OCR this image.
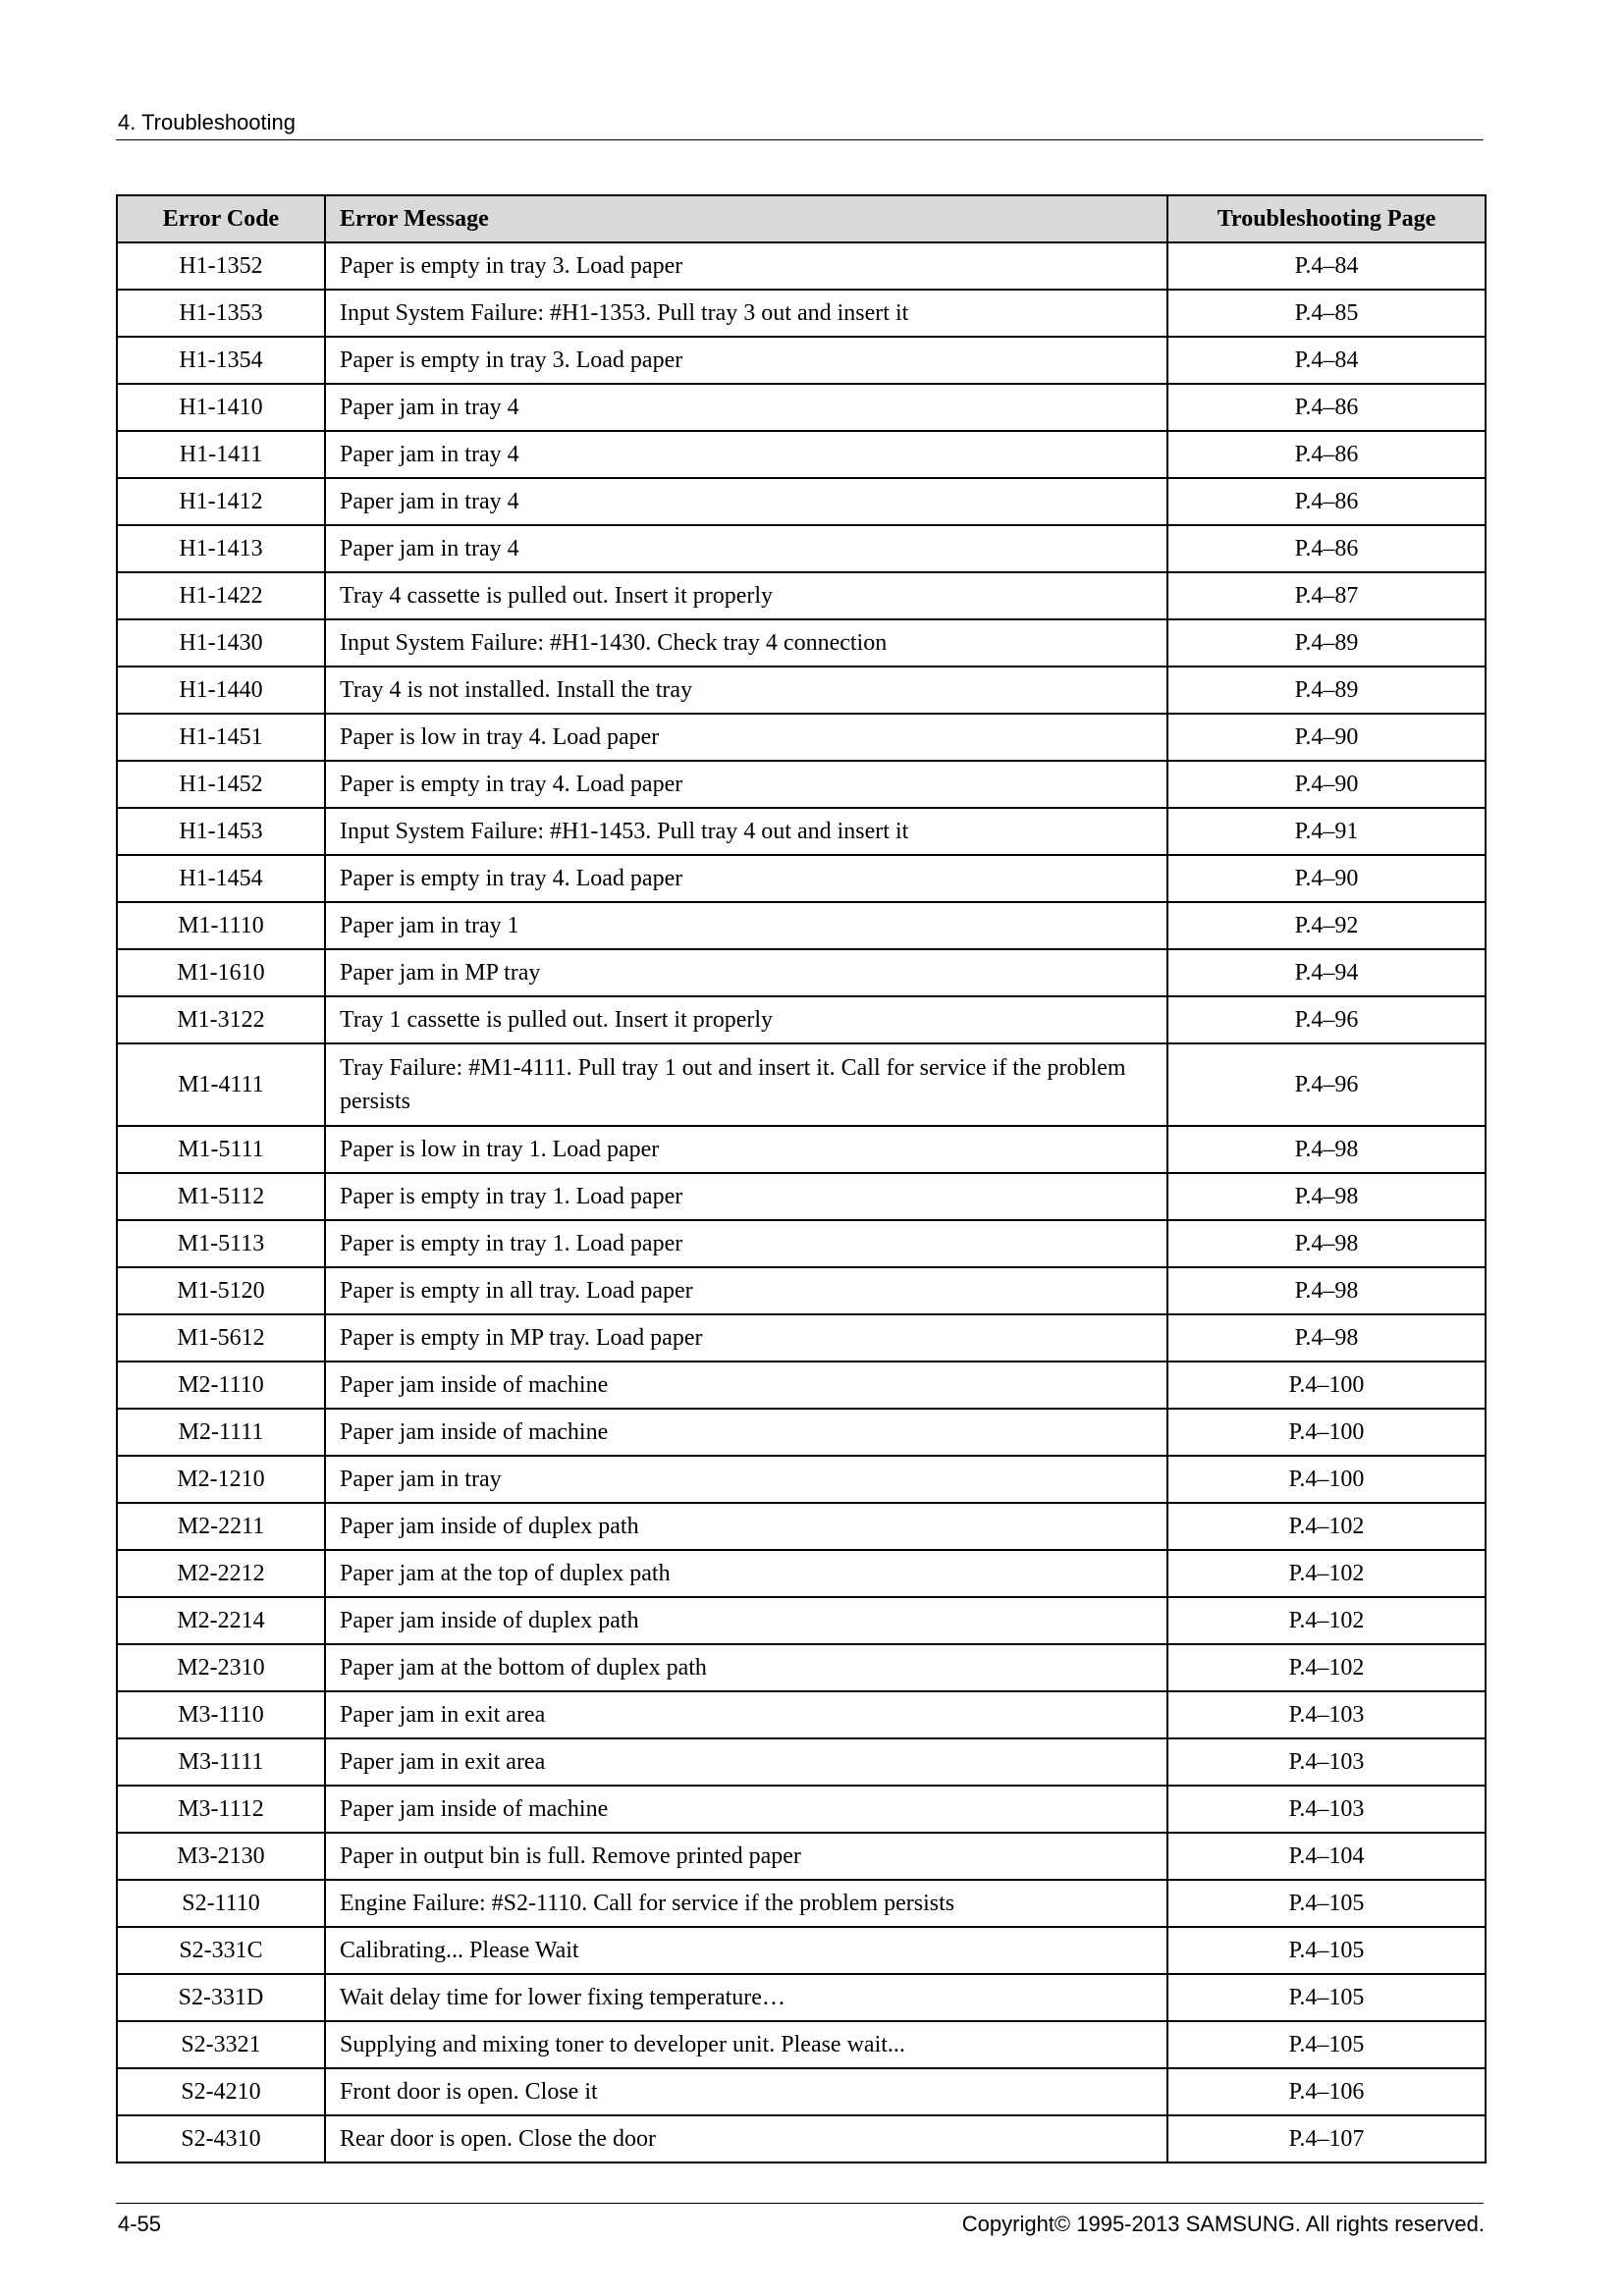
4. Troubleshooting
Error Code	Error Message	Troubleshooting Page
H1-1352	Paper is empty in tray 3. Load paper	P.4–84
H1-1353	Input System Failure: #H1-1353. Pull tray 3 out and insert it	P.4–85
H1-1354	Paper is empty in tray 3. Load paper	P.4–84
H1-1410	Paper jam in tray 4	P.4–86
H1-1411	Paper jam in tray 4	P.4–86
H1-1412	Paper jam in tray 4	P.4–86
H1-1413	Paper jam in tray 4	P.4–86
H1-1422	Tray 4 cassette is pulled out. Insert it properly	P.4–87
H1-1430	Input System Failure: #H1-1430. Check tray 4 connection	P.4–89
H1-1440	Tray 4 is not installed. Install the tray	P.4–89
H1-1451	Paper is low in tray 4. Load paper	P.4–90
H1-1452	Paper is empty in tray 4. Load paper	P.4–90
H1-1453	Input System Failure: #H1-1453. Pull tray 4 out and insert it	P.4–91
H1-1454	Paper is empty in tray 4. Load paper	P.4–90
M1-1110	Paper jam in tray 1	P.4–92
M1-1610	Paper jam in MP tray	P.4–94
M1-3122	Tray 1 cassette is pulled out. Insert it properly	P.4–96
M1-4111	Tray Failure: #M1-4111. Pull tray 1 out and insert it. Call for service if the problem persists	P.4–96
M1-5111	Paper is low in tray 1. Load paper	P.4–98
M1-5112	Paper is empty in tray 1. Load paper	P.4–98
M1-5113	Paper is empty in tray 1. Load paper	P.4–98
M1-5120	Paper is empty in all tray. Load paper	P.4–98
M1-5612	Paper is empty in MP tray. Load paper	P.4–98
M2-1110	Paper jam inside of machine	P.4–100
M2-1111	Paper jam inside of machine	P.4–100
M2-1210	Paper jam in tray	P.4–100
M2-2211	Paper jam inside of duplex path	P.4–102
M2-2212	Paper jam at the top of duplex path	P.4–102
M2-2214	Paper jam inside of duplex path	P.4–102
M2-2310	Paper jam at the bottom of duplex path	P.4–102
M3-1110	Paper jam in exit area	P.4–103
M3-1111	Paper jam in exit area	P.4–103
M3-1112	Paper jam inside of machine	P.4–103
M3-2130	Paper in output bin is full. Remove printed paper	P.4–104
S2-1110	Engine Failure: #S2-1110. Call for service if the problem persists	P.4–105
S2-331C	Calibrating... Please Wait	P.4–105
S2-331D	Wait delay time for lower fixing temperature…	P.4–105
S2-3321	Supplying and mixing toner to developer unit. Please wait...	P.4–105
S2-4210	Front door is open. Close it	P.4–106
S2-4310	Rear door is open. Close the door	P.4–107
4-55	Copyright© 1995-2013 SAMSUNG. All rights reserved.
